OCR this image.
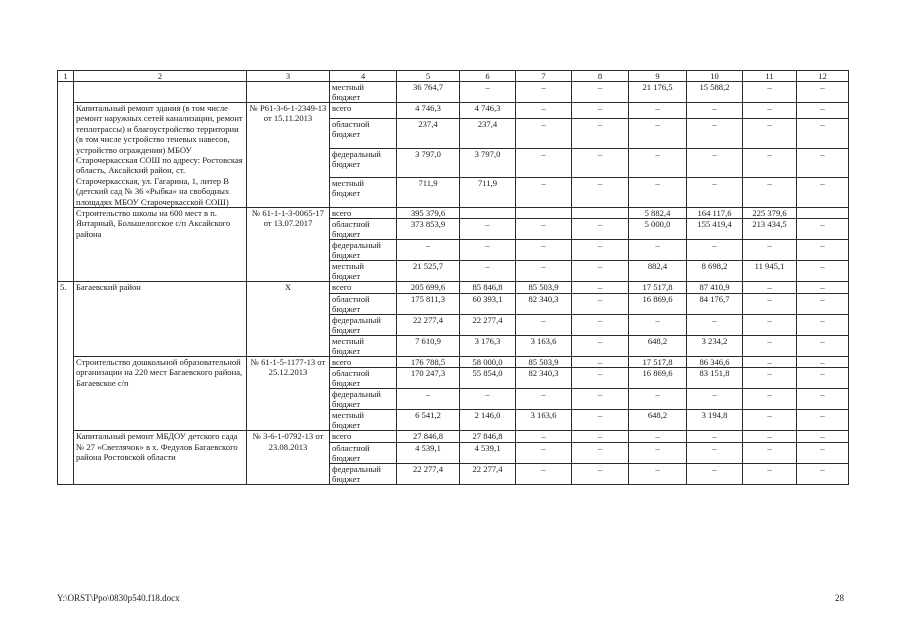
1	2	3	4	5	6	7	8	9	10	11	12
			местный бюджет	36 764,7	–	–	–	21 176,5	15 588,2	–	–
	Капитальный ремонт здания (в том числе ремонт наружных сетей канализации, ремонт теплотрассы) и благоустройство территории (в том числе устройство теневых навесов, устройство ограждения) МБОУ Старочеркасская СОШ по адресу: Ростовская область, Аксайский район, ст. Старочеркасская, ул. Гагарина, 1, литер В (детский сад № 36 «Рыбка» на свободных площадях МБОУ Старочеркасской СОШ)	№ Р61-3-6-1-2349-13 от 15.11.2013	всего	4 746,3	4 746,3	–	–	–	–	–	–
			областной бюджет	237,4	237,4	–	–	–	–	–	–
			федеральный бюджет	3 797,0	3 797,0	–	–	–	–	–	–
			местный бюджет	711,9	711,9	–	–	–	–	–	–
	Строительство школы на 600 мест в п. Янтарный, Большелогское с/п Аксайского района	№ 61-1-1-3-0065-17 от 13.07.2017	всего	395 379,6				5 882,4	164 117,6	225 379,6	
			областной бюджет	373 853,9	–	–	–	5 000,0	155 419,4	213 434,5	–
			федеральный бюджет	–	–	–	–	–	–	–	–
			местный бюджет	21 525,7	–	–	–	882,4	8 698,2	11 945,1	–
5.	Багаевский район	Х	всего	205 699,6	85 846,8	85 503,9	–	17 517,8	87 410,9	–	–
			областной бюджет	175 811,3	60 393,1	82 340,3	–	16 869,6	84 176,7	–	–
			федеральный бюджет	22 277,4	22 277,4	–	–	–	–	–	–
			местный бюджет	7 610,9	3 176,3	3 163,6	–	648,2	3 234,2	–	–
	Строительство дошкольной образовательной организации на 220 мест Багаевского района, Багаевское с/п	№ 61-1-5-1177-13 от 25.12.2013	всего	176 788,5	58 000,0	85 503,9	–	17 517,8	86 346,6	–	–
			областной бюджет	170 247,3	55 854,0	82 340,3	–	16 869,6	83 151,8	–	–
			федеральный бюджет	–	–	–	–	–	–	–	–
			местный бюджет	6 541,2	2 146,0	3 163,6	–	648,2	3 194,8	–	–
	Капитальный ремонт МБДОУ детского сада № 27 «Светлячок» в х. Федулов Багаевского района Ростовской области	№ 3-6-1-0792-13 от 23.08.2013	всего	27 846,8	27 846,8	–	–	–	–	–	–
			областной бюджет	4 539,1	4 539,1	–	–	–	–	–	–
			федеральный бюджет	22 277,4	22 277,4	–	–	–	–	–	–
Y:\ORST\Ppo\0830p540.f18.docx	28
